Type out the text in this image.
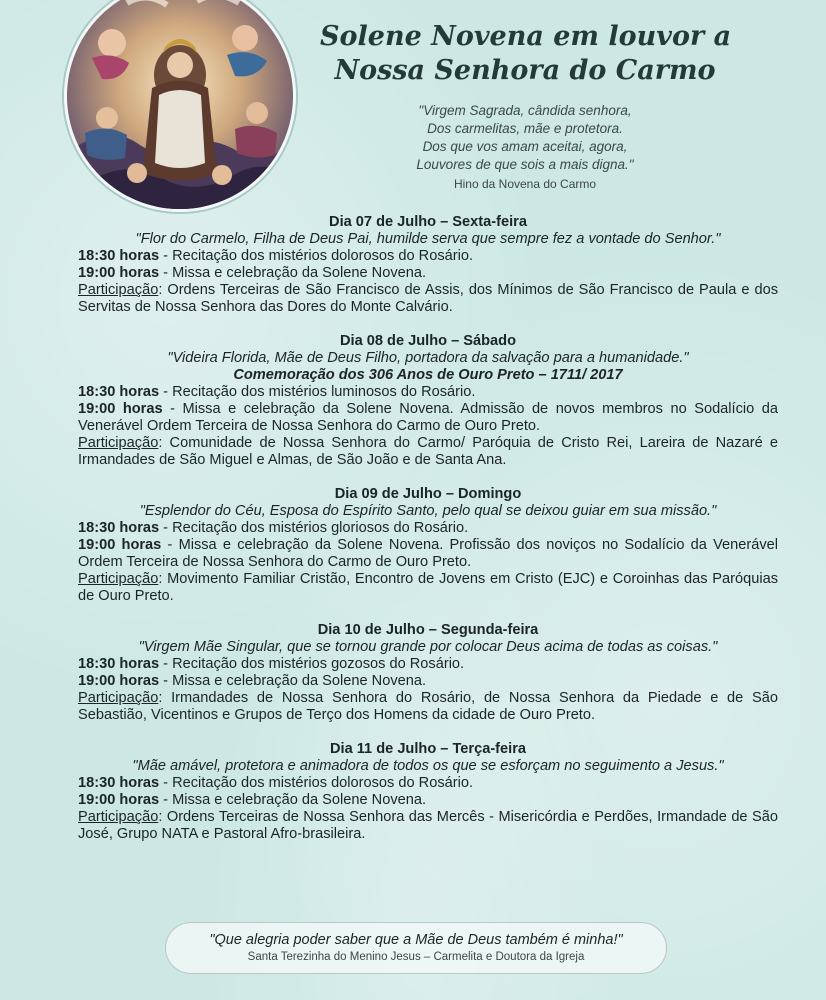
Solene Novena em louvor a
Nossa Senhora do Carmo
"Virgem Sagrada, cândida senhora,
Dos carmelitas, mãe e protetora.
Dos que vos amam aceitai, agora,
Louvores de que sois a mais digna."
Hino da Novena do Carmo
Dia 07 de Julho – Sexta-feira
"Flor do Carmelo, Filha de Deus Pai, humilde serva que sempre fez a vontade do Senhor."
18:30 horas - Recitação dos mistérios dolorosos do Rosário.
19:00 horas - Missa e celebração da Solene Novena.
Participação: Ordens Terceiras de São Francisco de Assis, dos Mínimos de São Francisco de Paula e dos Servitas de Nossa Senhora das Dores do Monte Calvário.
Dia 08 de Julho – Sábado
"Videira Florida, Mãe de Deus Filho, portadora da salvação para a humanidade."
Comemoração dos 306 Anos de Ouro Preto – 1711/ 2017
18:30 horas - Recitação dos mistérios luminosos do Rosário.
19:00 horas - Missa e celebração da Solene Novena. Admissão de novos membros no Sodalício da Venerável Ordem Terceira de Nossa Senhora do Carmo de Ouro Preto.
Participação: Comunidade de Nossa Senhora do Carmo/ Paróquia de Cristo Rei, Lareira de Nazaré e Irmandades de São Miguel e Almas, de São João e de Santa Ana.
Dia 09 de Julho – Domingo
"Esplendor do Céu, Esposa do Espírito Santo, pelo qual se deixou guiar em sua missão."
18:30 horas - Recitação dos mistérios gloriosos do Rosário.
19:00 horas - Missa e celebração da Solene Novena. Profissão dos noviços no Sodalício da Venerável Ordem Terceira de Nossa Senhora do Carmo de Ouro Preto.
Participação: Movimento Familiar Cristão, Encontro de Jovens em Cristo (EJC) e Coroinhas das Paróquias de Ouro Preto.
Dia 10 de Julho – Segunda-feira
"Virgem Mãe Singular, que se tornou grande por colocar Deus acima de todas as coisas."
18:30 horas - Recitação dos mistérios gozosos do Rosário.
19:00 horas - Missa e celebração da Solene Novena.
Participação: Irmandades de Nossa Senhora do Rosário, de Nossa Senhora da Piedade e de São Sebastião, Vicentinos e Grupos de Terço dos Homens da cidade de Ouro Preto.
Dia 11 de Julho – Terça-feira
"Mãe amável, protetora e animadora de todos os que se esforçam no seguimento a Jesus."
18:30 horas - Recitação dos mistérios dolorosos do Rosário.
19:00 horas - Missa e celebração da Solene Novena.
Participação: Ordens Terceiras de Nossa Senhora das Mercês - Misericórdia e Perdões, Irmandade de São José, Grupo NATA e Pastoral Afro-brasileira.
"Que alegria poder saber que a Mãe de Deus também é minha!"
Santa Terezinha do Menino Jesus – Carmelita e Doutora da Igreja
